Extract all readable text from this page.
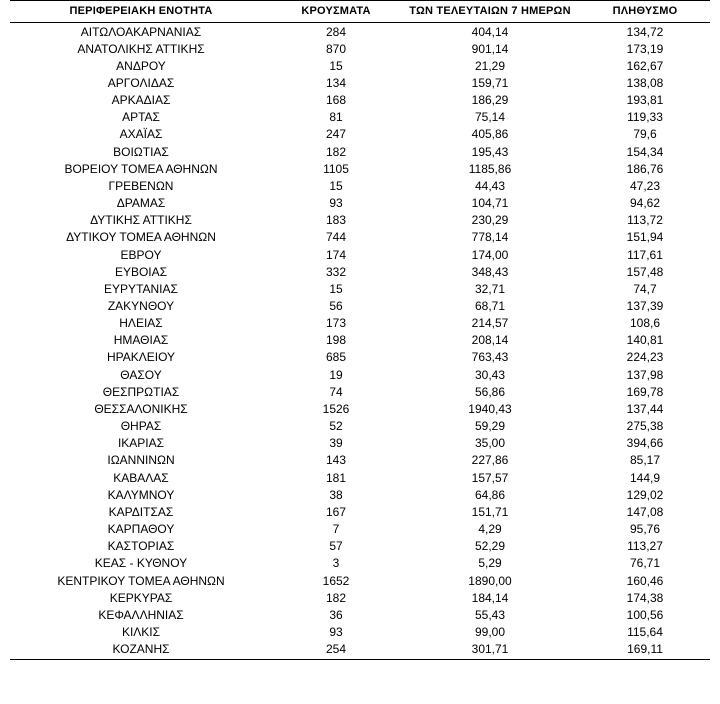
ΠΕΡΙΦΕΡΕΙΑΚΗ ΕΝΟΤΗΤΑ	ΚΡΟΥΣΜΑΤΑ	ΤΩΝ ΤΕΛΕΥΤΑΙΩΝ 7 ΗΜΕΡΩΝ	ΠΛΗΘΥΣΜΟ
ΑΙΤΩΛΟΑΚΑΡΝΑΝΙΑΣ	284	404,14	134,72
ΑΝΑΤΟΛΙΚΗΣ ΑΤΤΙΚΗΣ	870	901,14	173,19
ΑΝΔΡΟΥ	15	21,29	162,67
ΑΡΓΟΛΙΔΑΣ	134	159,71	138,08
ΑΡΚΑΔΙΑΣ	168	186,29	193,81
ΑΡΤΑΣ	81	75,14	119,33
ΑΧΑΪΑΣ	247	405,86	79,6
ΒΟΙΩΤΙΑΣ	182	195,43	154,34
ΒΟΡΕΙΟΥ ΤΟΜΕΑ ΑΘΗΝΩΝ	1105	1185,86	186,76
ΓΡΕΒΕΝΩΝ	15	44,43	47,23
ΔΡΑΜΑΣ	93	104,71	94,62
ΔΥΤΙΚΗΣ ΑΤΤΙΚΗΣ	183	230,29	113,72
ΔΥΤΙΚΟΥ ΤΟΜΕΑ ΑΘΗΝΩΝ	744	778,14	151,94
ΕΒΡΟΥ	174	174,00	117,61
ΕΥΒΟΙΑΣ	332	348,43	157,48
ΕΥΡΥΤΑΝΙΑΣ	15	32,71	74,7
ΖΑΚΥΝΘΟΥ	56	68,71	137,39
ΗΛΕΙΑΣ	173	214,57	108,6
ΗΜΑΘΙΑΣ	198	208,14	140,81
ΗΡΑΚΛΕΙΟΥ	685	763,43	224,23
ΘΑΣΟΥ	19	30,43	137,98
ΘΕΣΠΡΩΤΙΑΣ	74	56,86	169,78
ΘΕΣΣΑΛΟΝΙΚΗΣ	1526	1940,43	137,44
ΘΗΡΑΣ	52	59,29	275,38
ΙΚΑΡΙΑΣ	39	35,00	394,66
ΙΩΑΝΝΙΝΩΝ	143	227,86	85,17
ΚΑΒΑΛΑΣ	181	157,57	144,9
ΚΑΛΥΜΝΟΥ	38	64,86	129,02
ΚΑΡΔΙΤΣΑΣ	167	151,71	147,08
ΚΑΡΠΑΘΟΥ	7	4,29	95,76
ΚΑΣΤΟΡΙΑΣ	57	52,29	113,27
ΚΕΑΣ - ΚΥΘΝΟΥ	3	5,29	76,71
ΚΕΝΤΡΙΚΟΥ ΤΟΜΕΑ ΑΘΗΝΩΝ	1652	1890,00	160,46
ΚΕΡΚΥΡΑΣ	182	184,14	174,38
ΚΕΦΑΛΛΗΝΙΑΣ	36	55,43	100,56
ΚΙΛΚΙΣ	93	99,00	115,64
ΚΟΖΑΝΗΣ	254	301,71	169,11
